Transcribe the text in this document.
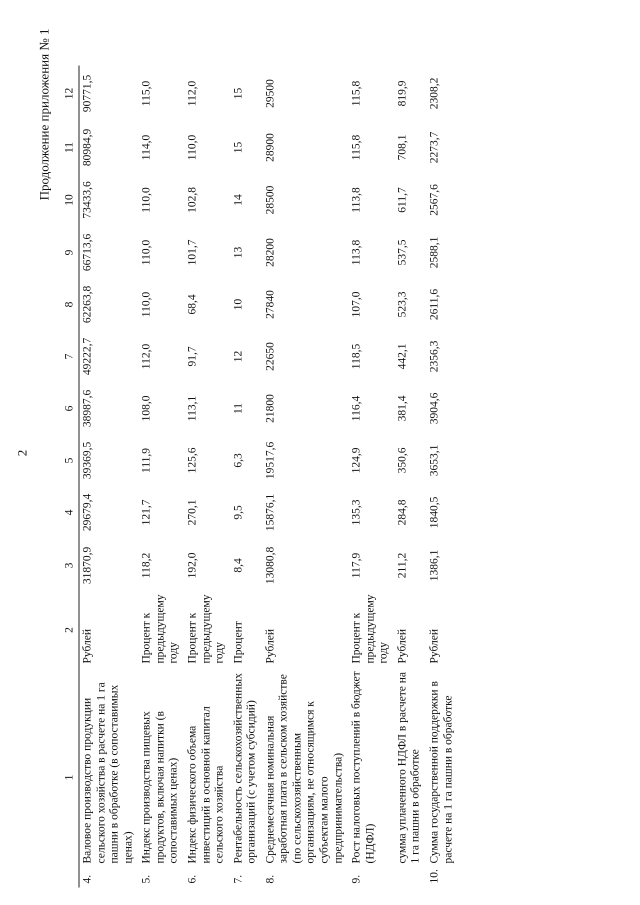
2
Продолжение приложения № 1
1		2	3	4	5	6	7	8	9	10	11	12
4.	Валовое производство продукции сельского хозяйства в расчете на 1 га пашни в обработке (в сопоставимых ценах)	Рублей	31870,9	29679,4	39369,5	38987,6	49222,7	62263,8	66713,6	73433,6	80984,9	90771,5
5.	Индекс производства пищевых продуктов, включая напитки (в сопоставимых ценах)	Процент к предыдущему году	118,2	121,7	111,9	108,0	112,0	110,0	110,0	110,0	114,0	115,0
6.	Индекс физического объема инвестиций в основной капитал сельского хозяйства	Процент к предыдущему году	192,0	270,1	125,6	113,1	91,7	68,4	101,7	102,8	110,0	112,0
7.	Рентабельность сельскохозяйственных организаций (с учетом субсидий)	Процент	8,4	9,5	6,3	11	12	10	13	14	15	15
8.	Среднемесячная номинальная заработная плата в сельском хозяйстве (по сельскохозяйственным организациям, не относящимся к субъектам малого предпринимательства)	Рублей	13080,8	15876,1	19517,6	21800	22650	27840	28200	28500	28900	29500
9.	Рост налоговых поступлений в бюджет (НДФЛ)	Процент к предыдущему году	117,9	135,3	124,9	116,4	118,5	107,0	113,8	113,8	115,8	115,8
	сумма уплаченного НДФЛ в расчете на 1 га пашни в обработке	Рублей	211,2	284,8	350,6	381,4	442,1	523,3	537,5	611,7	708,1	819,9
10.	Сумма государственной поддержки в расчете на 1 га пашни в обработке	Рублей	1386,1	1840,5	3653,1	3904,6	2356,3	2611,6	2588,1	2567,6	2273,7	2308,2
